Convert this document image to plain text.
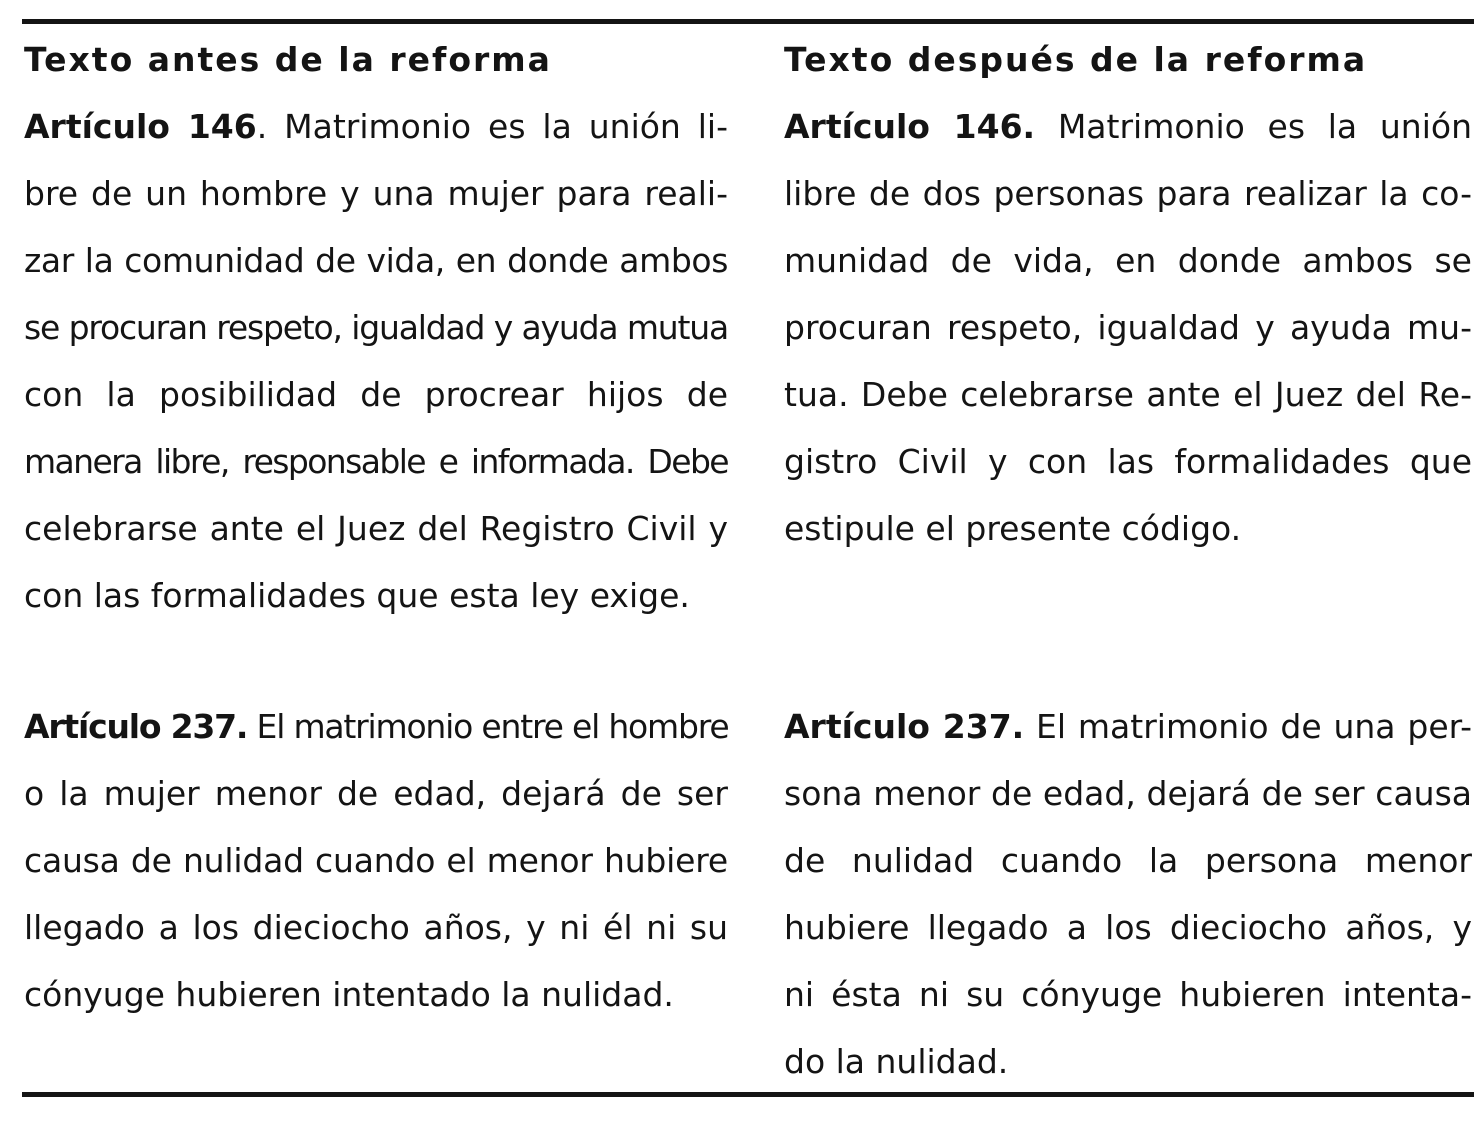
Texto antes de la reforma
Artículo 146. Matrimonio es la unión li-
bre de un hombre y una mujer para reali-
zar la comunidad de vida, en donde ambos
se procuran respeto, igualdad y ayuda mutua
con la posibilidad de procrear hijos de
manera libre, responsable e informada. Debe
celebrarse ante el Juez del Registro Civil y
con las formalidades que esta ley exige.
Artículo 237. El matrimonio entre el hombre
o la mujer menor de edad, dejará de ser
causa de nulidad cuando el menor hubiere
llegado a los dieciocho años, y ni él ni su
cónyuge hubieren intentado la nulidad.
Texto después de la reforma
Artículo 146. Matrimonio es la unión
libre de dos personas para realizar la co-
munidad de vida, en donde ambos se
procuran respeto, igualdad y ayuda mu-
tua. Debe celebrarse ante el Juez del Re-
gistro Civil y con las formalidades que
estipule el presente código.
Artículo 237. El matrimonio de una per-
sona menor de edad, dejará de ser causa
de nulidad cuando la persona menor
hubiere llegado a los dieciocho años, y
ni ésta ni su cónyuge hubieren intenta-
do la nulidad.
